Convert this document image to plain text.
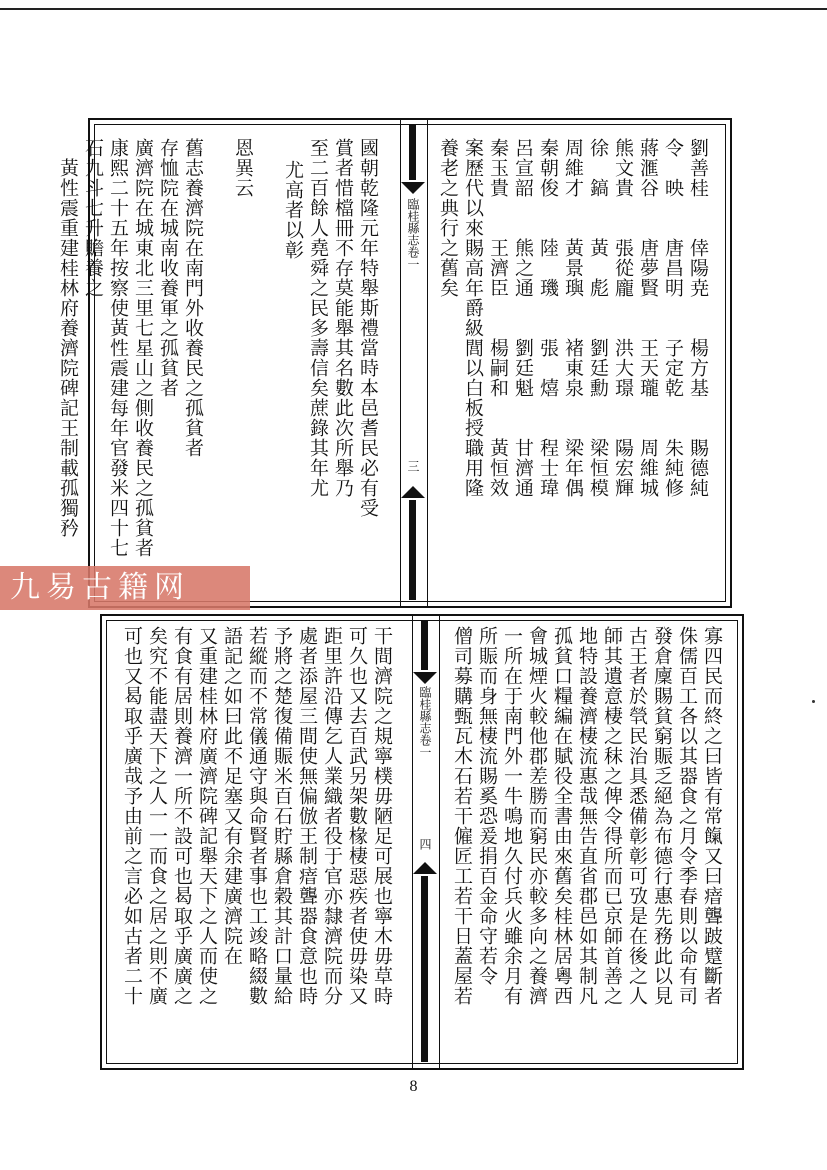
劉善桂　　倖陽尭　　楊方基　　賜德純
令　映　　唐昌明　　子定乾　　朱純修
蔣滙谷　　唐夢賢　　王天瓏　　周維城
熊文貴　　張從龐　　洪大璟　　陽宏輝
徐　鎬　　黃　彪　　劉廷勳　　梁恒模
周維才　　黃景璵　　褚東泉　　梁年偶
秦朝俊　　陸　璣　　張　熺　　程士瑋
呂宣韶　　熊之通　　劉廷魁　　甘濟通
秦玉貴　　王濟臣　　楊嗣和　　黃恒效
案歷代以來賜高年爵級閭以白板授職用隆
養老之典行之舊矣
臨桂縣志卷一
三
國朝乾隆元年特舉斯禮當時本邑耆民必有受
賞者惜檔冊不存莫能舉其名數此次所舉乃
至二百餘人堯舜之民多壽信矣蔗錄其年尤
尤高者以彰
恩異云
舊志養濟院在南門外收養民之孤貧者
存恤院在城南收養軍之孤貧者
廣濟院在城東北三里七星山之側收養民之孤貧者
康熙二十五年按察使黃性震建每年官發米四十七
石九斗七升贍養之
　黃性震重建桂林府養濟院碑記王制載孤獨矜
寡四民而終之曰皆有常餼又曰瘖聾跛躄斷者
侏儒百工各以其器食之月令季春則以命有司
發倉廩賜貧窮賑乏絕為布德行惠先務此以見
古王者於煢民治具悉備彰彰可攷是在後之人
師其遺意棲之秣之俾令得所而已京師首善之
地特設養濟棲流惠哉無告直省郡邑如其制凡
孤貧口糧編在賦役全書由來舊矣桂林居粵西
會城煙火較他郡差勝而窮民亦較多向之養濟
一所在于南門外一牛鳴地久付兵火雖余月有
所賑而身無棲流賜奚恐爰捐百金命守若令
僧司募購甄瓦木石若干僱匠工若干日蓋屋若
臨桂縣志卷一
四
干間濟院之規寧樸毋陋足可展也寧木毋草時
可久也又去百武另架數椽棲惡疾者使毋染又
距里許沿傳乞人業織者役于官亦隸濟院而分
處者添屋三間使無偏倣王制瘖聾器食意也時
予將之楚復備賑米百石貯縣倉穀其計口量給
若縱而不常儀通守與命賢者事也工竣略綴數
語記之如曰此不足塞又有余建廣濟院在
又重建桂林府廣濟院碑記舉天下之人而使之
有食有居則養濟一所不設可也曷取乎廣廣之
矣究不能盡天下之人一一而食之居之則不廣
可也又曷取乎廣哉予由前之言必如古者二十
九易古籍网
8
